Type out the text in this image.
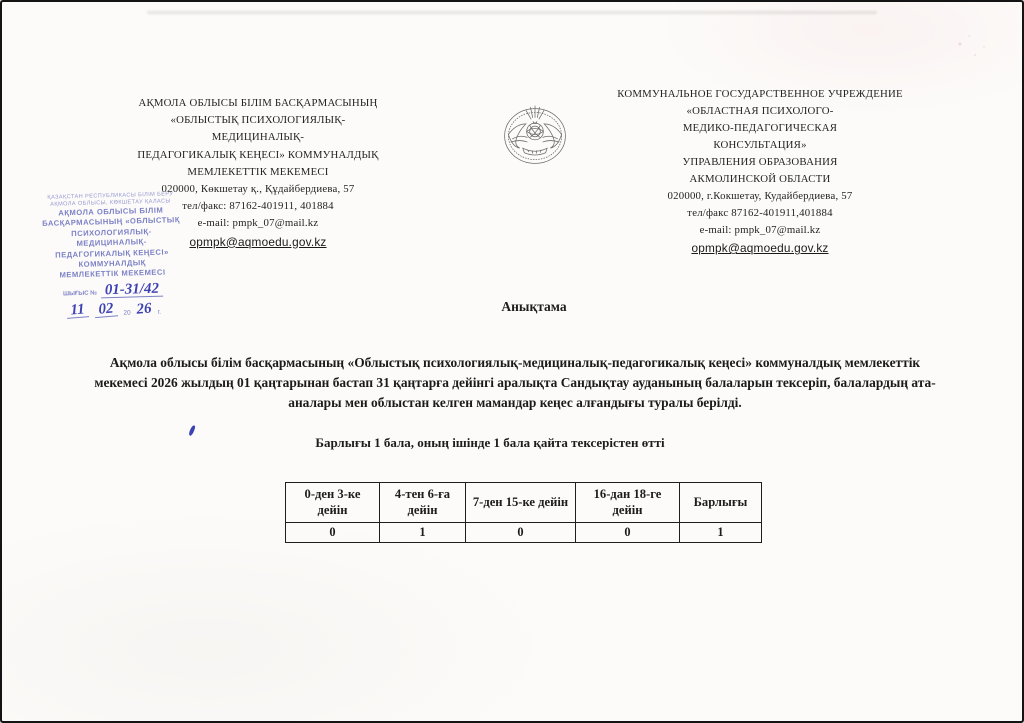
АҚМОЛА ОБЛЫСЫ БІЛІМ БАСҚАРМАСЫНЫҢ
«ОБЛЫСТЫҚ ПСИХОЛОГИЯЛЫҚ-
МЕДИЦИНАЛЫҚ-
ПЕДАГОГИКАЛЫҚ КЕҢЕСІ» КОММУНАЛДЫҚ
МЕМЛЕКЕТТІК МЕКЕМЕСІ
020000, Көкшетау қ., Құдайбердиева, 57
тел/факс: 87162-401911, 401884
e-mail: pmpk_07@mail.kz
opmpk@aqmoedu.gov.kz
КОММУНАЛЬНОЕ ГОСУДАРСТВЕННОЕ УЧРЕЖДЕНИЕ
«ОБЛАСТНАЯ ПСИХОЛОГО-
МЕДИКО-ПЕДАГОГИЧЕСКАЯ
КОНСУЛЬТАЦИЯ»
УПРАВЛЕНИЯ ОБРАЗОВАНИЯ
АКМОЛИНСКОЙ ОБЛАСТИ
020000, г.Кокшетау, Кудайбердиева, 57
тел/факс 87162-401911,401884
e-mail: pmpk_07@mail.kz
opmpk@aqmoedu.gov.kz
ҚАЗАҚСТАН РЕСПУБЛИКАСЫ БІЛІМ БЕРУ
АҚМОЛА ОБЛЫСЫ, КӨКШЕТАУ ҚАЛАСЫ
АҚМОЛА ОБЛЫСЫ БІЛІМ
БАСҚАРМАСЫНЫҢ «ОБЛЫСТЫҚ
ПСИХОЛОГИЯЛЫҚ-
МЕДИЦИНАЛЫҚ-
ПЕДАГОГИКАЛЫҚ КЕҢЕСІ»
КОММУНАЛДЫҚ
МЕМЛЕКЕТТІК МЕКЕМЕСІ
ШЫҒЫС № 01-31/42
11 02	20 26 г.	Анықтама
Ақмола облысы білім басқармасының «Облыстық психологиялық-медициналық-педагогикалық кеңесі» коммуналдық мемлекеттік мекемесі 2026 жылдың 01 қаңтарынан бастап 31 қаңтарға дейінгі аралықта Сандықтау ауданының балаларын тексеріп, балалардың ата-аналары мен облыстан келген мамандар кеңес алғандығы туралы берілді.
Барлығы 1 бала, оның ішінде 1 бала қайта тексерістен өтті
0-ден 3-ке дейін	4-тен 6-ға дейін	7-ден 15-ке дейін	16-дан 18-ге дейін	Барлығы
0	1	0	0	1
